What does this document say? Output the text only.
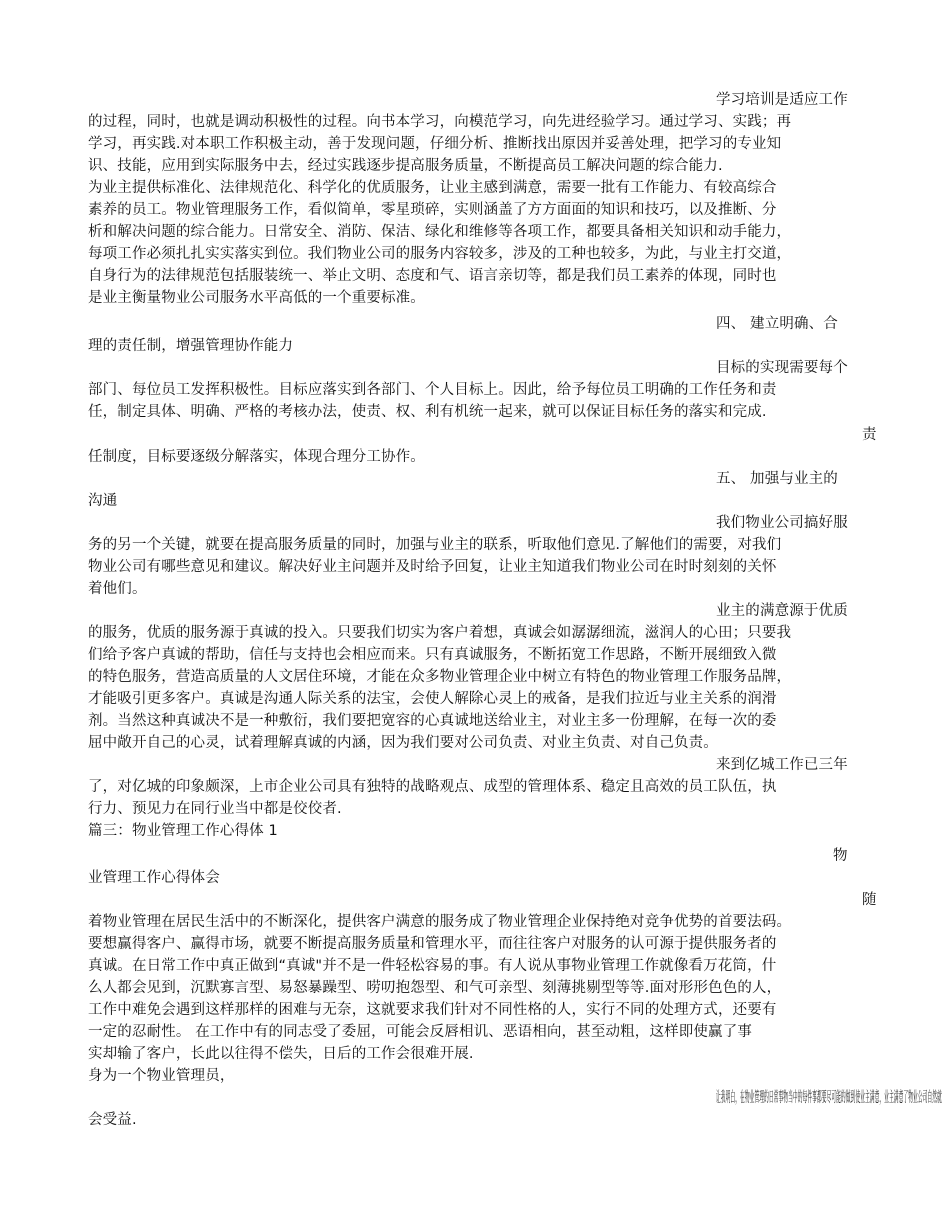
学习培训是适应工作
的过程，同时，也就是调动积极性的过程。向书本学习，向模范学习，向先进经验学习。通过学习、实践；再
学习，再实践.对本职工作积极主动，善于发现问题，仔细分析、推断找出原因并妥善处理，把学习的专业知
识、技能，应用到实际服务中去，经过实践逐步提高服务质量，不断提高员工解决问题的综合能力.
为业主提供标准化、法律规范化、科学化的优质服务，让业主感到满意，需要一批有工作能力、有较高综合
素养的员工。物业管理服务工作，看似简单，零星琐碎，实则涵盖了方方面面的知识和技巧，以及推断、分
析和解决问题的综合能力。日常安全、消防、保洁、绿化和维修等各项工作，都要具备相关知识和动手能力，
每项工作必须扎扎实实落实到位。我们物业公司的服务内容较多，涉及的工种也较多，为此，与业主打交道，
自身行为的法律规范包括服装统一、举止文明、态度和气、语言亲切等，都是我们员工素养的体现，同时也
是业主衡量物业公司服务水平高低的一个重要标准。
四、 建立明确、合
理的责任制，增强管理协作能力
目标的实现需要每个
部门、每位员工发挥积极性。目标应落实到各部门、个人目标上。因此，给予每位员工明确的工作任务和责
任，制定具体、明确、严格的考核办法，使责、权、利有机统一起来，就可以保证目标任务的落实和完成.
责
任制度，目标要逐级分解落实，体现合理分工协作。
五、 加强与业主的
沟通
我们物业公司搞好服
务的另一个关键，就要在提高服务质量的同时，加强与业主的联系，听取他们意见.了解他们的需要，对我们
物业公司有哪些意见和建议。解决好业主问题并及时给予回复，让业主知道我们物业公司在时时刻刻的关怀
着他们。
业主的满意源于优质
的服务，优质的服务源于真诚的投入。只要我们切实为客户着想，真诚会如潺潺细流，滋润人的心田；只要我
们给予客户真诚的帮助，信任与支持也会相应而来。只有真诚服务，不断拓宽工作思路，不断开展细致入微
的特色服务，营造高质量的人文居住环境，才能在众多物业管理企业中树立有特色的物业管理工作服务品牌，
才能吸引更多客户。真诚是沟通人际关系的法宝，会使人解除心灵上的戒备，是我们拉近与业主关系的润滑
剂。当然这种真诚决不是一种敷衍，我们要把宽容的心真诚地送给业主，对业主多一份理解，在每一次的委
屈中敞开自己的心灵，试着理解真诚的内涵，因为我们要对公司负责、对业主负责、对自己负责。
来到亿城工作已三年
了，对亿城的印象颇深，上市企业公司具有独特的战略观点、成型的管理体系、稳定且高效的员工队伍，执
行力、预见力在同行业当中都是佼佼者.
篇三：物业管理工作心得体 1
物
业管理工作心得体会
随
着物业管理在居民生活中的不断深化，提供客户满意的服务成了物业管理企业保持绝对竞争优势的首要法码。
要想赢得客户、赢得市场，就要不断提高服务质量和管理水平，而往往客户对服务的认可源于提供服务者的
真诚。在日常工作中真正做到“真诚"并不是一件轻松容易的事。有人说从事物业管理工作就像看万花筒，什
么人都会见到，沉默寡言型、易怒暴躁型、唠叨抱怨型、和气可亲型、刻薄挑剔型等等.面对形形色色的人，
工作中难免会遇到这样那样的困难与无奈，这就要求我们针对不同性格的人，实行不同的处理方式，还要有
一定的忍耐性。 在工作中有的同志受了委屈，可能会反唇相讥、恶语相向，甚至动粗，这样即使赢了事
实却输了客户，长此以往得不偿失，日后的工作会很难开展.
身为一个物业管理员，
让我明白，在物业管理的日常事物当中的每件事都要尽可能的做到使业主满意，业主满意了物业公司自然就
会受益.
